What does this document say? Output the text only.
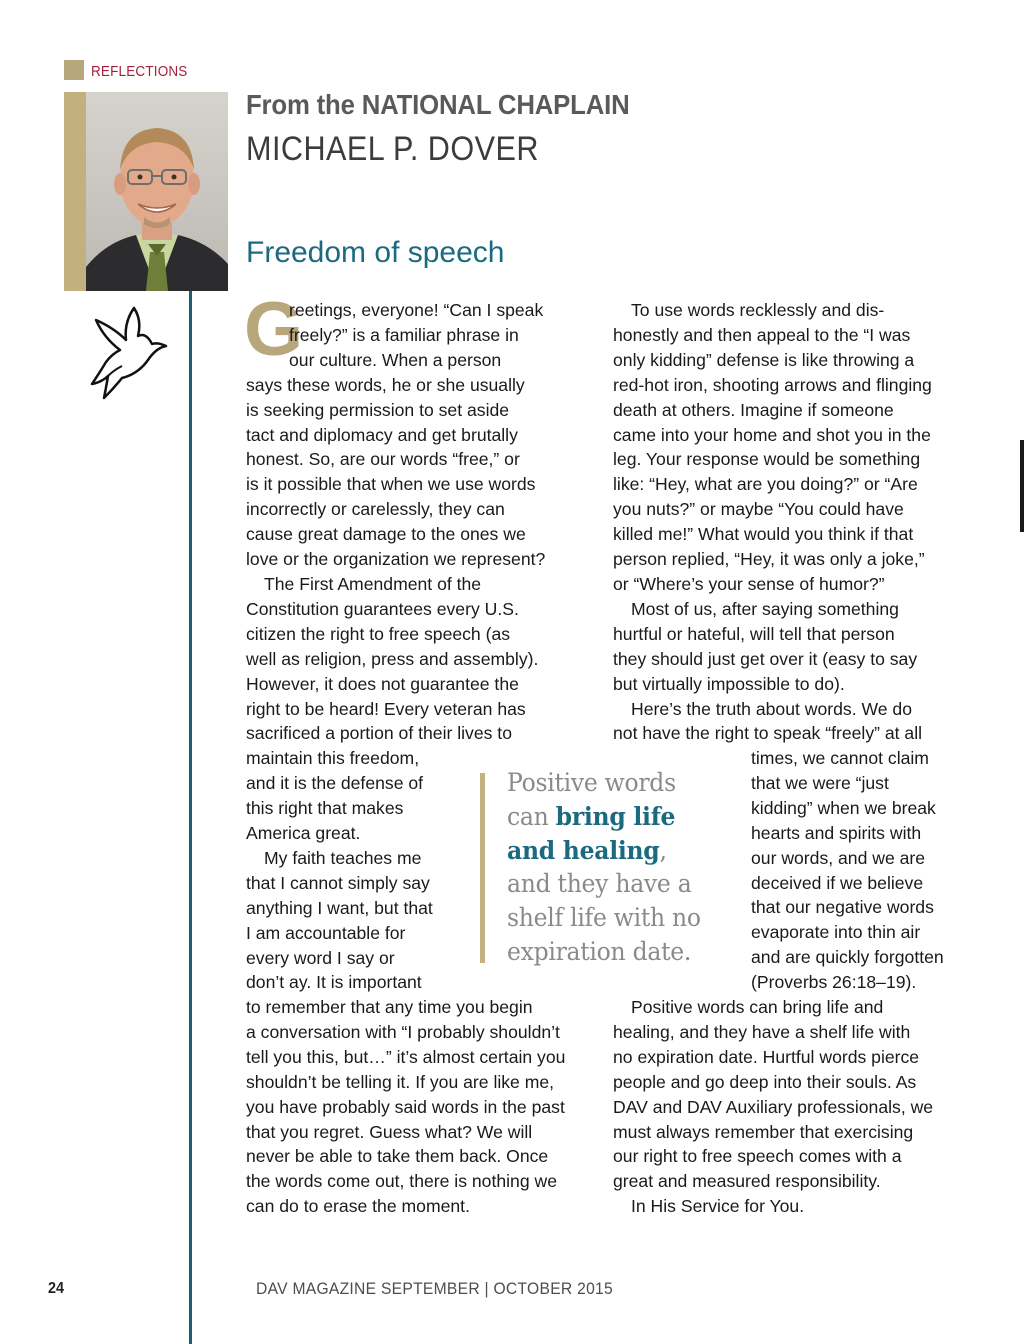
REFLECTIONS
From the NATIONAL CHAPLAIN
MICHAEL P. DOVER
Freedom of speech
G

reetings, everyone! “Can I speak

freely?” is a familiar phrase in

our culture. When a person

says these words, he or she usually

is seeking permission to set aside

tact and diplomacy and get brutally

honest. So, are our words “free,” or

is it possible that when we use words

incorrectly or carelessly, they can

cause great damage to the ones we

love or the organization we represent?

The First Amendment of the

Constitution guarantees every U.S.

citizen the right to free speech (as

well as religion, press and assembly).

However, it does not guarantee the

right to be heard! Every veteran has

sacrificed a portion of their lives to

maintain this freedom,

and it is the defense of

this right that makes

America great.

My faith teaches me

that I cannot simply say

anything I want, but that

I am accountable for

every word I say or

don’t ay. It is important

to remember that any time you begin

a conversation with “I probably shouldn’t

tell you this, but…” it’s almost certain you

shouldn’t be telling it. If you are like me,

you have probably said words in the past

that you regret. Guess what? We will

never be able to take them back. Once

the words come out, there is nothing we

can do to erase the moment.

To use words recklessly and dis-

honestly and then appeal to the “I was

only kidding” defense is like throwing a

red-hot iron, shooting arrows and flinging

death at others. Imagine if someone

came into your home and shot you in the

leg. Your response would be something

like: “Hey, what are you doing?” or “Are

you nuts?” or maybe “You could have

killed me!” What would you think if that

person replied, “Hey, it was only a joke,”

or “Where’s your sense of humor?”

Most of us, after saying something

hurtful or hateful, will tell that person

they should just get over it (easy to say

but virtually impossible to do).

Here’s the truth about words. We do

not have the right to speak “freely” at all

times, we cannot claim

that we were “just

kidding” when we break

hearts and spirits with

our words, and we are

deceived if we believe

that our negative words

evaporate into thin air

and are quickly forgotten

(Proverbs 26:18–19).

Positive words can bring life and

healing, and they have a shelf life with

no expiration date. Hurtful words pierce

people and go deep into their souls. As

DAV and DAV Auxiliary professionals, we

must always remember that exercising

our right to free speech comes with a

great and measured responsibility.

In His Service for You.

Positive words

can bring life

and healing,

and they have a

shelf life with no

expiration date.

24	DAV MAGAZINE SEPTEMBER | OCTOBER 2015
